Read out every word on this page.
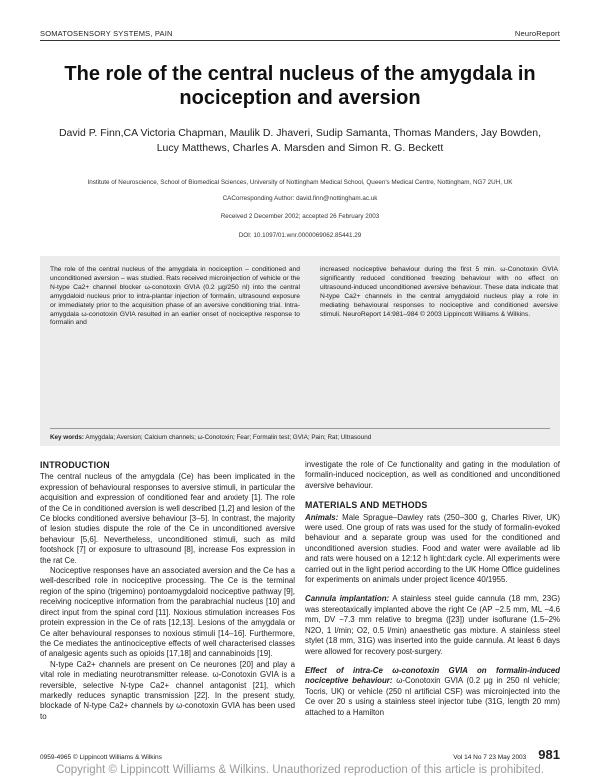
SOMATOSENSORY SYSTEMS, PAIN	NeuroReport
The role of the central nucleus of the amygdala in nociception and aversion
David P. Finn,CA Victoria Chapman, Maulik D. Jhaveri, Sudip Samanta, Thomas Manders, Jay Bowden,
Lucy Matthews, Charles A. Marsden and Simon R. G. Beckett
Institute of Neuroscience, School of Biomedical Sciences, University of Nottingham Medical School, Queen's Medical Centre, Nottingham, NG7 2UH, UK
CACorresponding Author: david.finn@nottingham.ac.uk
Received 2 December 2002; accepted 26 February 2003
DOI: 10.1097/01.wnr.0000069062.85441.29

The role of the central nucleus of the amygdala in nociception – conditioned and unconditioned aversion – was studied. Rats received microinjection of vehicle or the N-type Ca2+ channel blocker ω-conotoxin GVIA (0.2 µg/250 nl) into the central amygdaloid nucleus prior to intra-plantar injection of formalin, ultrasound exposure or immediately prior to the acquisition phase of an aversive conditioning trial. Intra-amygdala ω-conotoxin GVIA resulted in an earlier onset of nociceptive response to formalin and

increased nociceptive behaviour during the first 5 min. ω-Conotoxin GVIA significantly reduced conditioned freezing behaviour with no effect on ultrasound-induced unconditioned aversive behaviour. These data indicate that N-type Ca2+ channels in the central amygdaloid nucleus play a role in mediating behavioural responses to nociceptive and conditioned aversive stimuli. NeuroReport 14:981–984 © 2003 Lippincott Williams & Wilkins.

Key words: Amygdala; Aversion; Calcium channels; ω-Conotoxin; Fear; Formalin test; GVIA; Pain; Rat; Ultrasound

INTRODUCTION

The central nucleus of the amygdala (Ce) has been implicated in the expression of behavioural responses to aversive stimuli, in particular the acquisition and expression of conditioned fear and anxiety [1]. The role of the Ce in conditioned aversion is well described [1,2] and lesion of the Ce blocks conditioned aversive behaviour [3–5]. In contrast, the majority of lesion studies dispute the role of the Ce in unconditioned aversive behaviour [5,6]. Nevertheless, unconditioned stimuli, such as mild footshock [7] or exposure to ultrasound [8], increase Fos expression in the rat Ce.

Nociceptive responses have an associated aversion and the Ce has a well-described role in nociceptive processing. The Ce is the terminal region of the spino (trigemino) pontoamygdaloid nociceptive pathway [9], receiving nociceptive information from the parabrachial nucleus [10] and direct input from the spinal cord [11]. Noxious stimulation increases Fos protein expression in the Ce of rats [12,13]. Lesions of the amygdala or Ce alter behavioural responses to noxious stimuli [14–16]. Furthermore, the Ce mediates the antinociceptive effects of well characterised classes of analgesic agents such as opioids [17,18] and cannabinoids [19].

N-type Ca2+ channels are present on Ce neurones [20] and play a vital role in mediating neurotransmitter release. ω-Conotoxin GVIA is a reversible, selective N-type Ca2+ channel antagonist [21], which markedly reduces synaptic transmission [22]. In the present study, blockade of N-type Ca2+ channels by ω-conotoxin GVIA has been used to

investigate the role of Ce functionality and gating in the modulation of formalin-induced nociception, as well as conditioned and unconditioned aversive behaviour.

MATERIALS AND METHODS

Animals: Male Sprague–Dawley rats (250–300 g, Charles River, UK) were used. One group of rats was used for the study of formalin-evoked behaviour and a separate group was used for the conditioned and unconditioned aversion studies. Food and water were available ad lib and rats were housed on a 12:12 h light:dark cycle. All experiments were carried out in the light period according to the UK Home Office guidelines for experiments on animals under project licence 40/1955.

Cannula implantation: A stainless steel guide cannula (18 mm, 23G) was stereotaxically implanted above the right Ce (AP −2.5 mm, ML −4.6 mm, DV −7.3 mm relative to bregma ([23]) under isoflurane (1.5–2% N2O, 1 l/min; O2, 0.5 l/min) anaesthetic gas mixture. A stainless steel stylet (18 mm, 31G) was inserted into the guide cannula. At least 6 days were allowed for recovery post-surgery.

Effect of intra-Ce ω-conotoxin GVIA on formalin-induced nociceptive behaviour: ω-Conotoxin GVIA (0.2 µg in 250 nl vehicle; Tocris, UK) or vehicle (250 nl artificial CSF) was microinjected into the Ce over 20 s using a stainless steel injector tube (31G, length 20 mm) attached to a Hamilton

0959-4965 © Lippincott Williams & Wilkins	Vol 14 No 7 23 May 2003 981
Copyright © Lippincott Williams & Wilkins. Unauthorized reproduction of this article is prohibited.
